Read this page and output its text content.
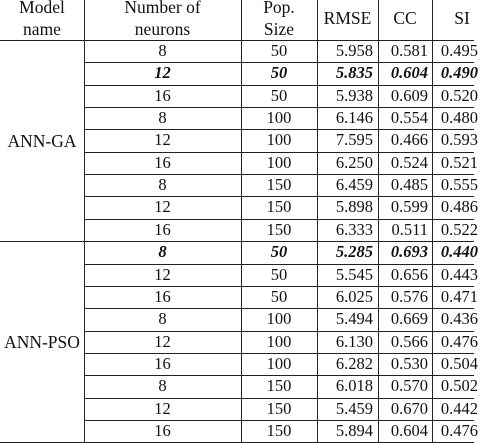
Model
name
Number of
neurons
Pop.
Size
RMSE	CC	SI
ANN-GA
8	50	5.958	0.581 0.495
12	50	5.835	0.604 0.490
16	50	5.938	0.609 0.520
8	100	6.146	0.554 0.480
12	100	7.595	0.466 0.593
16	100	6.250	0.524 0.521
8	150	6.459	0.485 0.555
12	150	5.898	0.599 0.486
16	150	6.333	0.511 0.522
ANN-PSO
8	50	5.285	0.693 0.440
12	50	5.545	0.656 0.443
16	50	6.025	0.576 0.471
8	100	5.494	0.669 0.436
12	100	6.130	0.566 0.476
16	100	6.282	0.530 0.504
8	150	6.018	0.570 0.502
12	150	5.459	0.670 0.442
16	150	5.894	0.604 0.476
